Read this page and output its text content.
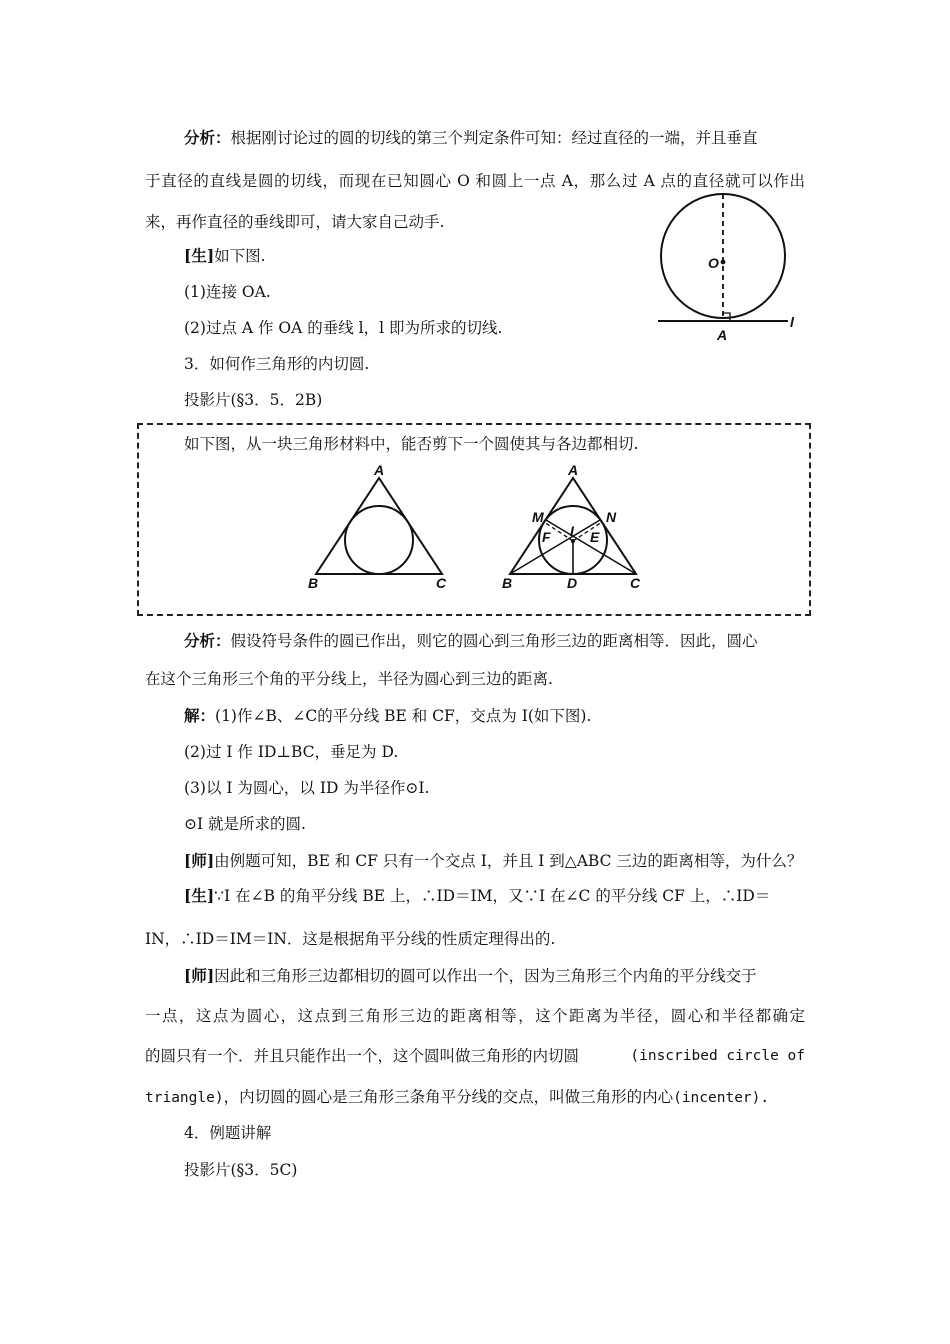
分析：根据刚讨论过的圆的切线的第三个判定条件可知：经过直径的一端，并且垂直
于直径的直线是圆的切线，而现在已知圆心 O 和圆上一点 A，那么过 A 点的直径就可以作出
来，再作直径的垂线即可，请大家自己动手.
[生]如下图.
(1)连接 OA.
(2)过点 A 作 OA 的垂线 l，l 即为所求的切线.
3．如何作三角形的内切圆.
投影片(§3．5．2B)
O
A
l
如下图，从一块三角形材料中，能否剪下一个圆使其与各边都相切.
A
B	C
A
M	N
F I E
B	D	C
分析：假设符号条件的圆已作出，则它的圆心到三角形三边的距离相等．因此，圆心
在这个三角形三个角的平分线上，半径为圆心到三边的距离.
解：(1)作∠B、∠C的平分线 BE 和 CF，交点为 I(如下图).
(2)过 I 作 ID⊥BC，垂足为 D.
(3)以 I 为圆心，以 ID 为半径作⊙I.
⊙I 就是所求的圆.
[师]由例题可知，BE 和 CF 只有一个交点 I，并且 I 到△ABC 三边的距离相等，为什么？
[生]∵I 在∠B 的角平分线 BE 上，∴ID＝IM，又∵I 在∠C 的平分线 CF 上，∴ID＝
IN，∴ID＝IM＝IN．这是根据角平分线的性质定理得出的.
[师]因此和三角形三边都相切的圆可以作出一个，因为三角形三个内角的平分线交于
一点，这点为圆心，这点到三角形三边的距离相等，这个距离为半径，圆心和半径都确定
的圆只有一个．并且只能作出一个，这个圆叫做三角形的内切圆	(inscribed circle of
triangle)，内切圆的圆心是三角形三条角平分线的交点，叫做三角形的内心(incenter).
4．例题讲解
投影片(§3．5C)
